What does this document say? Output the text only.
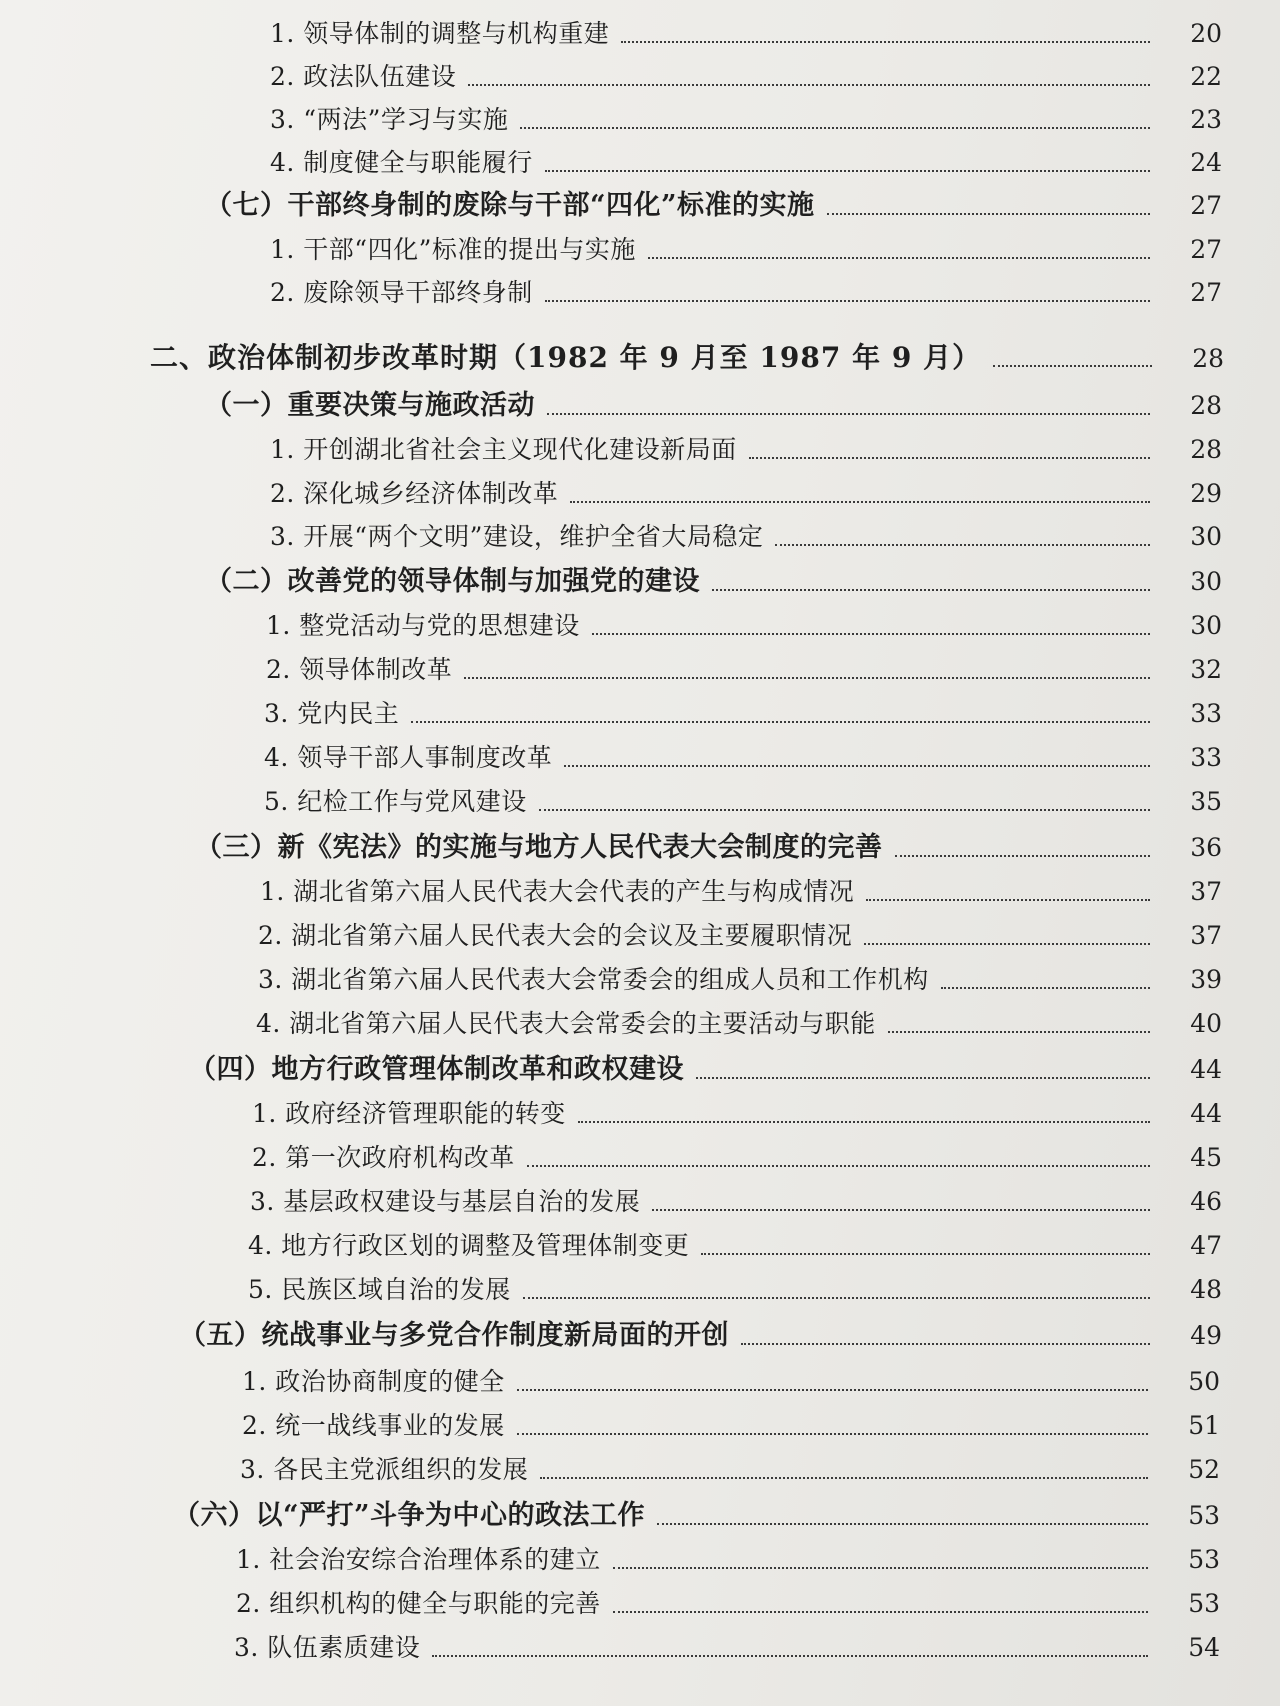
1. 领导体制的调整与机构重建	20
2. 政法队伍建设	22
3. “两法”学习与实施	23
4. 制度健全与职能履行	24
（七）干部终身制的废除与干部“四化”标准的实施	27
1. 干部“四化”标准的提出与实施	27
2. 废除领导干部终身制	27
二、政治体制初步改革时期（1982 年 9 月至 1987 年 9 月）	28
（一）重要决策与施政活动	28
1. 开创湖北省社会主义现代化建设新局面	28
2. 深化城乡经济体制改革	29
3. 开展“两个文明”建设，维护全省大局稳定	30
（二）改善党的领导体制与加强党的建设	30
1. 整党活动与党的思想建设	30
2. 领导体制改革	32
3. 党内民主	33
4. 领导干部人事制度改革	33
5. 纪检工作与党风建设	35
（三）新《宪法》的实施与地方人民代表大会制度的完善	36
1. 湖北省第六届人民代表大会代表的产生与构成情况	37
2. 湖北省第六届人民代表大会的会议及主要履职情况	37
3. 湖北省第六届人民代表大会常委会的组成人员和工作机构	39
4. 湖北省第六届人民代表大会常委会的主要活动与职能	40
（四）地方行政管理体制改革和政权建设	44
1. 政府经济管理职能的转变	44
2. 第一次政府机构改革	45
3. 基层政权建设与基层自治的发展	46
4. 地方行政区划的调整及管理体制变更	47
5. 民族区域自治的发展	48
（五）统战事业与多党合作制度新局面的开创	49
1. 政治协商制度的健全	50
2. 统一战线事业的发展	51
3. 各民主党派组织的发展	52
（六）以“严打”斗争为中心的政法工作	53
1. 社会治安综合治理体系的建立	53
2. 组织机构的健全与职能的完善	53
3. 队伍素质建设	54
